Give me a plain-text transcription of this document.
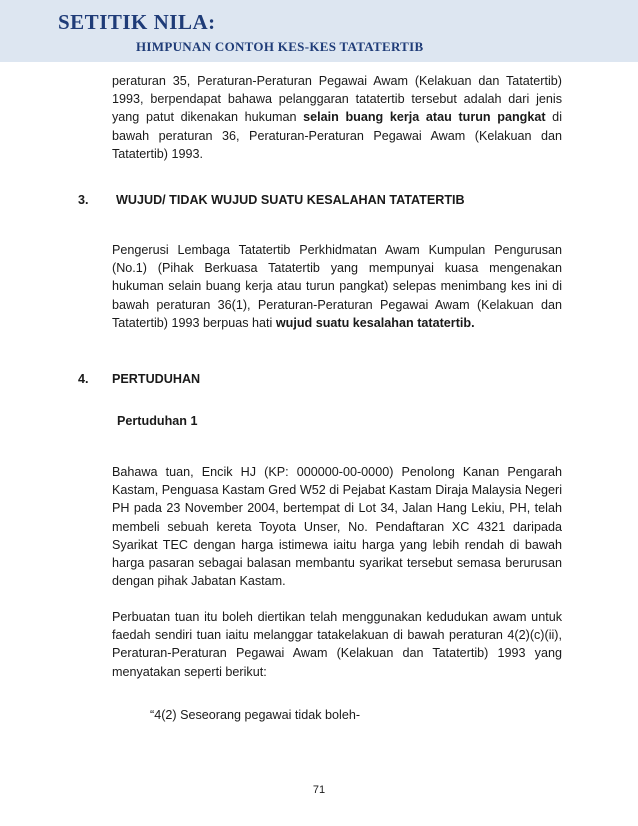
SETITIK NILA:
HIMPUNAN CONTOH KES-KES TATATERTIB
peraturan 35, Peraturan-Peraturan Pegawai Awam (Kelakuan dan Tatatertib) 1993, berpendapat bahawa pelanggaran tatatertib tersebut adalah dari jenis yang patut dikenakan hukuman selain buang kerja atau turun pangkat di bawah peraturan 36, Peraturan-Peraturan Pegawai Awam (Kelakuan dan Tatatertib) 1993.
3. WUJUD/ TIDAK WUJUD SUATU KESALAHAN TATATERTIB
Pengerusi Lembaga Tatatertib Perkhidmatan Awam Kumpulan Pengurusan (No.1) (Pihak Berkuasa Tatatertib yang mempunyai kuasa mengenakan hukuman selain buang kerja atau turun pangkat) selepas menimbang kes ini di bawah peraturan 36(1), Peraturan-Peraturan Pegawai Awam (Kelakuan dan Tatatertib) 1993 berpuas hati wujud suatu kesalahan tatatertib.
4. PERTUDUHAN
Pertuduhan 1
Bahawa tuan, Encik HJ (KP: 000000-00-0000) Penolong Kanan Pengarah Kastam, Penguasa Kastam Gred W52 di Pejabat Kastam Diraja Malaysia Negeri PH pada 23 November 2004, bertempat di Lot 34, Jalan Hang Lekiu, PH, telah membeli sebuah kereta Toyota Unser, No. Pendaftaran XC 4321 daripada Syarikat TEC dengan harga istimewa iaitu harga yang lebih rendah di bawah harga pasaran sebagai balasan membantu syarikat tersebut semasa berurusan dengan pihak Jabatan Kastam.
Perbuatan tuan itu boleh diertikan telah menggunakan kedudukan awam untuk faedah sendiri tuan iaitu melanggar tatakelakuan di bawah peraturan 4(2)(c)(ii), Peraturan-Peraturan Pegawai Awam (Kelakuan dan Tatatertib) 1993 yang menyatakan seperti berikut:
“4(2) Seseorang pegawai tidak boleh-
71
